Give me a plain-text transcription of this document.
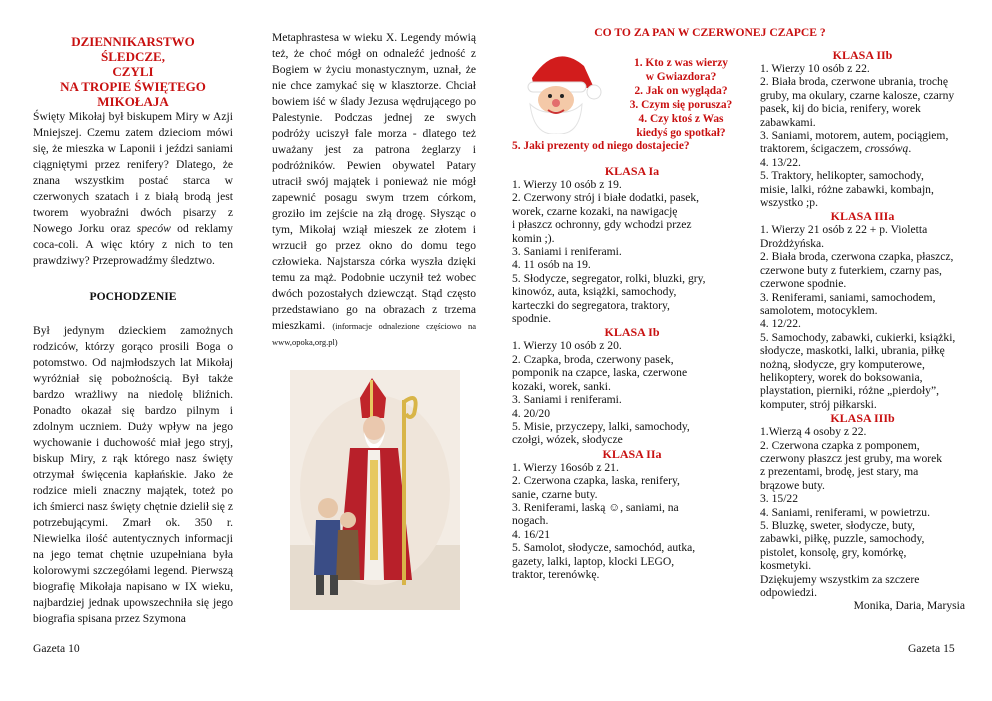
DZIENNIKARSTWO
ŚLEDCZE,
CZYLI
NA TROPIE ŚWIĘTEGO
MIKOŁAJA

Święty Mikołaj był biskupem Miry w Azji Mniejszej. Czemu zatem dzieciom mówi się, że mieszka w Laponii i jeździ saniami ciągniętymi przez renifery? Dlatego, że znana wszystkim postać starca w czerwonych szatach i z białą brodą jest tworem wyobraźni dwóch pisarzy z Nowego Jorku oraz speców od reklamy coca-coli. A więc który z nich to ten prawdziwy? Przeprowadźmy śledztwo.

POCHODZENIE

Był jedynym dzieckiem zamożnych rodziców, którzy gorąco prosili Boga o potomstwo. Od najmłodszych lat Mikołaj wyróżniał się pobożnością. Był także bardzo wrażliwy na niedolę bliźnich. Ponadto okazał się bardzo pilnym i zdolnym uczniem. Duży wpływ na jego wychowanie i duchowość miał jego stryj, biskup Miry, z rąk którego nasz święty otrzymał święcenia kapłańskie. Jako że rodzice mieli znaczny majątek, toteż po ich śmierci nasz święty chętnie dzielił się z potrzebującymi. Zmarł ok. 350 r. Niewielka ilość autentycznych informacji na jego temat chętnie uzupełniana była kolorowymi szczegółami legend. Pierwszą biografię Mikołaja napisano w IX wieku, najbardziej jednak upowszechniła się jego biografia spisana przez Szymona

Gazeta 10
Metaphrastesa w wieku X. Legendy mówią też, że choć mógł on odnaleźć jedność z Bogiem w życiu monastycznym, uznał, że nie chce zamykać się w klasztorze. Chciał bowiem iść w ślady Jezusa wędrującego po Palestynie. Podczas jednej ze swych podróży uciszył fale morza - dlatego też uważany jest za patrona żeglarzy i podróżników. Pewien obywatel Patary utracił swój majątek i ponieważ nie mógł zapewnić posagu swym trzem córkom, groziło im zejście na złą drogę. Słysząc o tym, Mikołaj wziął mieszek ze złotem i wrzucił go przez okno do domu tego człowieka. Najstarsza córka wyszła dzięki temu za mąż. Podobnie uczynił też wobec dwóch pozostałych dziewcząt. Stąd często przedstawiano go na obrazach z trzema mieszkami. (informacje odnalezione częściowo na www,opoka,org.pl)
CO TO ZA PAN W CZERWONEJ CZAPCE ?
1. Kto z was wierzy
w Gwiazdora?
2. Jak on wygląda?
3. Czym się porusza?
4. Czy ktoś z Was
kiedyś go spotkał?
5. Jaki prezenty od niego dostajecie?
KLASA Ia
1. Wierzy 10 osób z 19.
2. Czerwony strój i białe dodatki, pasek,
worek, czarne kozaki, na nawigację
i płaszcz ochronny, gdy wchodzi przez
komin ;).
3. Saniami i reniferami.
4. 11 osób na 19.
5. Słodycze, segregator, rolki, bluzki, gry,
kinowóz, auta, książki, samochody,
karteczki do segregatora, traktory,
spodnie.
KLASA Ib
1. Wierzy 10 osób z 20.
2. Czapka, broda, czerwony pasek,
pomponik na czapce, laska, czerwone
kozaki, worek, sanki.
3. Saniami i reniferami.
4. 20/20
5. Misie, przyczepy, lalki, samochody,
czołgi, wózek, słodycze
KLASA IIa
1. Wierzy 16osób z 21.
2. Czerwona czapka, laska, renifery,
sanie, czarne buty.
3. Reniferami, laską ☺, saniami, na
nogach.
4. 16/21
5. Samolot, słodycze, samochód, autka,
gazety, lalki, laptop, klocki LEGO,
traktor, terenówkę.
KLASA IIb
1. Wierzy 10 osób z 22.
2. Biała broda, czerwone ubrania, trochę
gruby, ma okulary, czarne kalosze, czarny
pasek, kij do bicia, renifery, worek
zabawkami.
3. Saniami, motorem, autem, pociągiem,
traktorem, ścigaczem, crossówą.
4. 13/22.
5. Traktory, helikopter, samochody,
misie, lalki, różne zabawki, kombajn,
wszystko ;p.
KLASA IIIa
1. Wierzy 21 osób z 22 + p. Violetta
Drożdżyńska.
2. Biała broda, czerwona czapka, płaszcz,
czerwone buty z futerkiem, czarny pas,
czerwone spodnie.
3. Reniferami, saniami, samochodem,
samolotem, motocyklem.
4. 12/22.
5. Samochody, zabawki, cukierki, książki,
słodycze, maskotki, lalki, ubrania, piłkę
nożną, słodycze, gry komputerowe,
helikoptery, worek do boksowania,
playstation, pierniki, różne „pierdoły”,
komputer, strój piłkarski.
KLASA IIIb
1.Wierzą 4 osoby z 22.
2. Czerwona czapka z pomponem,
czerwony płaszcz jest gruby, ma worek
z prezentami, brodę, jest stary, ma
brązowe buty.
3. 15/22
4. Saniami, reniferami, w powietrzu.
5. Bluzkę, sweter, słodycze, buty,
zabawki, piłkę, puzzle, samochody,
pistolet, konsolę, gry, komórkę,
kosmetyki.
Dziękujemy wszystkim za szczere
odpowiedzi.
Monika, Daria, Marysia
Gazeta 15
